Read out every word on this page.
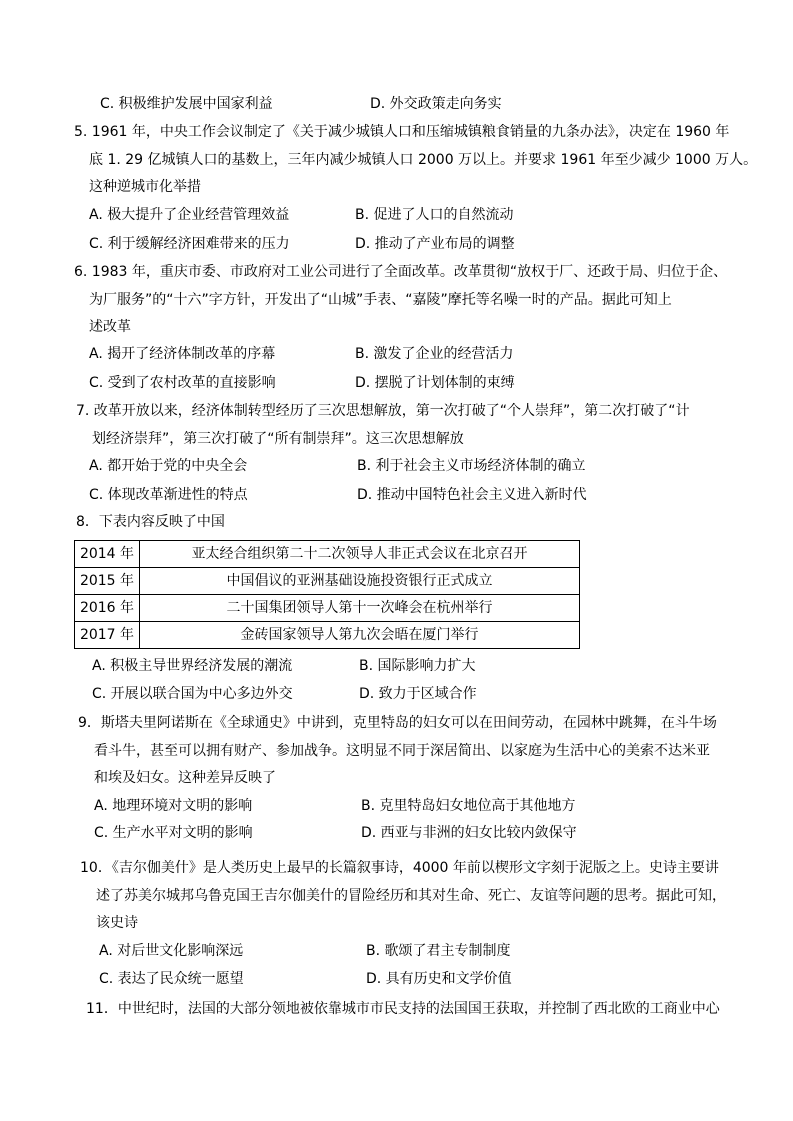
C. 积极维护发展中国家利益	D. 外交政策走向务实
5. 1961 年，中央工作会议制定了《关于减少城镇人口和压缩城镇粮食销量的九条办法》，决定在 1960 年
底 1. 29 亿城镇人口的基数上，三年内减少城镇人口 2000 万以上。并要求 1961 年至少减少 1000 万人。
这种逆城市化举措
A. 极大提升了企业经营管理效益	B. 促进了人口的自然流动
C. 利于缓解经济困难带来的压力	D. 推动了产业布局的调整
6. 1983 年，重庆市委、市政府对工业公司进行了全面改革。改革贯彻“放权于厂、还政于局、归位于企、
为厂服务”的“十六”字方针，开发出了“山城”手表、“嘉陵”摩托等名噪一时的产品。据此可知上
述改革
A. 揭开了经济体制改革的序幕	B. 激发了企业的经营活力
C. 受到了农村改革的直接影响	D. 摆脱了计划体制的束缚
7. 改革开放以来，经济体制转型经历了三次思想解放，第一次打破了“个人崇拜”，第二次打破了“计
划经济崇拜”，第三次打破了“所有制崇拜”。这三次思想解放
A. 都开始于党的中央全会	B. 利于社会主义市场经济体制的确立
C. 体现改革渐进性的特点	D. 推动中国特色社会主义进入新时代
8．下表内容反映了中国
2014 年	亚太经合组织第二十二次领导人非正式会议在北京召开
2015 年	中国倡议的亚洲基础设施投资银行正式成立
2016 年	二十国集团领导人第十一次峰会在杭州举行
2017 年	金砖国家领导人第九次会晤在厦门举行
A. 积极主导世界经济发展的潮流	B. 国际影响力扩大
C. 开展以联合国为中心多边外交	D. 致力于区域合作
9．斯塔夫里阿诺斯在《全球通史》中讲到，克里特岛的妇女可以在田间劳动，在园林中跳舞，在斗牛场
看斗牛，甚至可以拥有财产、参加战争。这明显不同于深居简出、以家庭为生活中心的美索不达米亚
和埃及妇女。这种差异反映了
A. 地理环境对文明的影响	B. 克里特岛妇女地位高于其他地方
C. 生产水平对文明的影响	D. 西亚与非洲的妇女比较内敛保守
10．《吉尔伽美什》是人类历史上最早的长篇叙事诗，4000 年前以楔形文字刻于泥版之上。史诗主要讲
述了苏美尔城邦乌鲁克国王吉尔伽美什的冒险经历和其对生命、死亡、友谊等问题的思考。据此可知，
该史诗
A. 对后世文化影响深远	B. 歌颂了君主专制制度
C. 表达了民众统一愿望	D. 具有历史和文学价值
11．中世纪时，法国的大部分领地被依靠城市市民支持的法国国王获取，并控制了西北欧的工商业中心
